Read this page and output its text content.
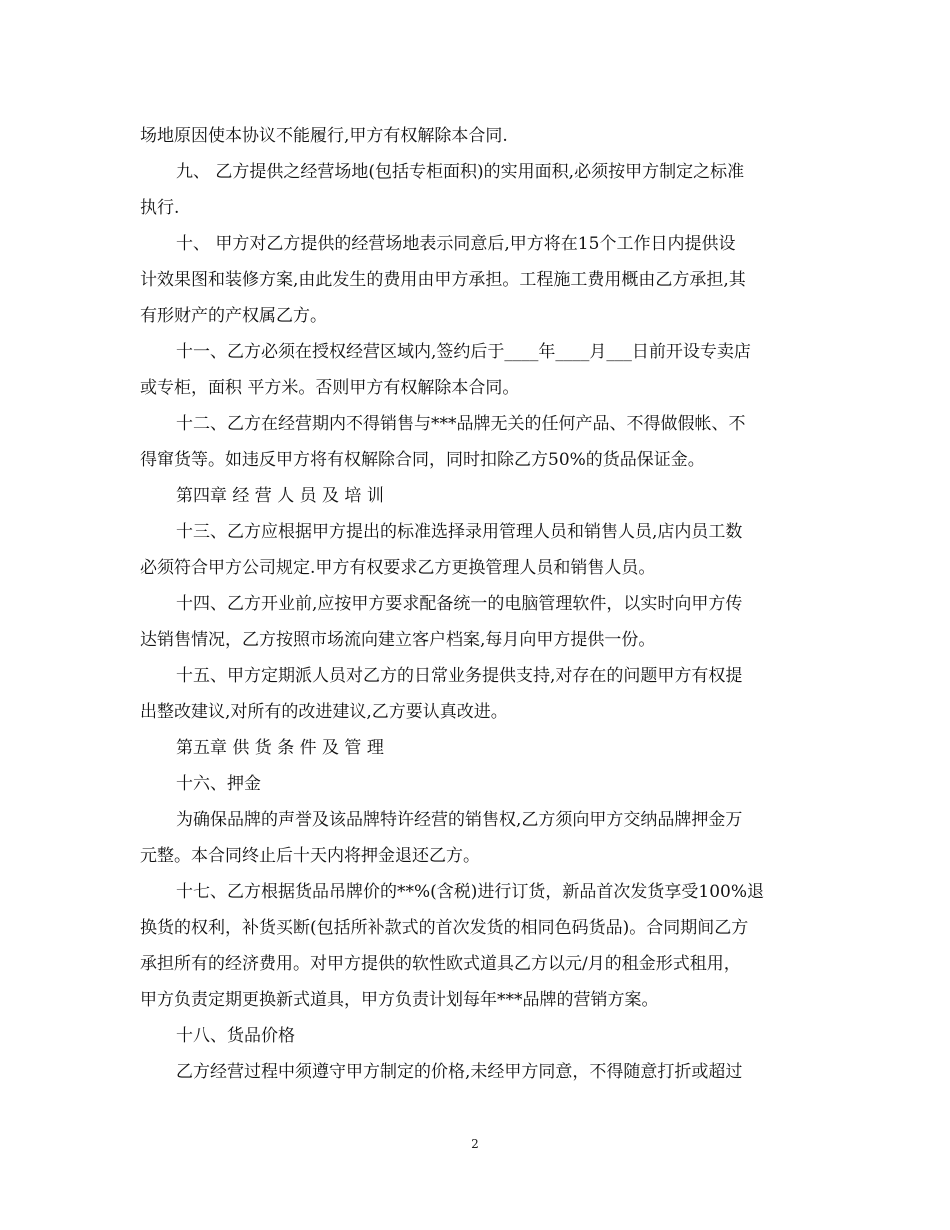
场地原因使本协议不能履行,甲方有权解除本合同.
九、 乙方提供之经营场地(包括专柜面积)的实用面积,必须按甲方制定之标准
执行.
十、 甲方对乙方提供的经营场地表示同意后,甲方将在15个工作日内提供设
计效果图和装修方案,由此发生的费用由甲方承担。工程施工费用概由乙方承担,其
有形财产的产权属乙方。
十一、乙方必须在授权经营区域内,签约后于____年____月___日前开设专卖店
或专柜，面积 平方米。否则甲方有权解除本合同。
十二、乙方在经营期内不得销售与***品牌无关的任何产品、不得做假帐、不
得窜货等。如违反甲方将有权解除合同，同时扣除乙方50%的货品保证金。
第四章 经 营 人 员 及 培 训
十三、乙方应根据甲方提出的标准选择录用管理人员和销售人员,店内员工数
必须符合甲方公司规定.甲方有权要求乙方更换管理人员和销售人员。
十四、乙方开业前,应按甲方要求配备统一的电脑管理软件，以实时向甲方传
达销售情况，乙方按照市场流向建立客户档案,每月向甲方提供一份。
十五、甲方定期派人员对乙方的日常业务提供支持,对存在的问题甲方有权提
出整改建议,对所有的改进建议,乙方要认真改进。
第五章 供 货 条 件 及 管 理
十六、押金
为确保品牌的声誉及该品牌特许经营的销售权,乙方须向甲方交纳品牌押金万
元整。本合同终止后十天内将押金退还乙方。
十七、乙方根据货品吊牌价的**%(含税)进行订货，新品首次发货享受100%退
换货的权利，补货买断(包括所补款式的首次发货的相同色码货品)。合同期间乙方
承担所有的经济费用。对甲方提供的软性欧式道具乙方以元/月的租金形式租用，
甲方负责定期更换新式道具，甲方负责计划每年***品牌的营销方案。
十八、货品价格
乙方经营过程中须遵守甲方制定的价格,未经甲方同意，不得随意打折或超过
2
